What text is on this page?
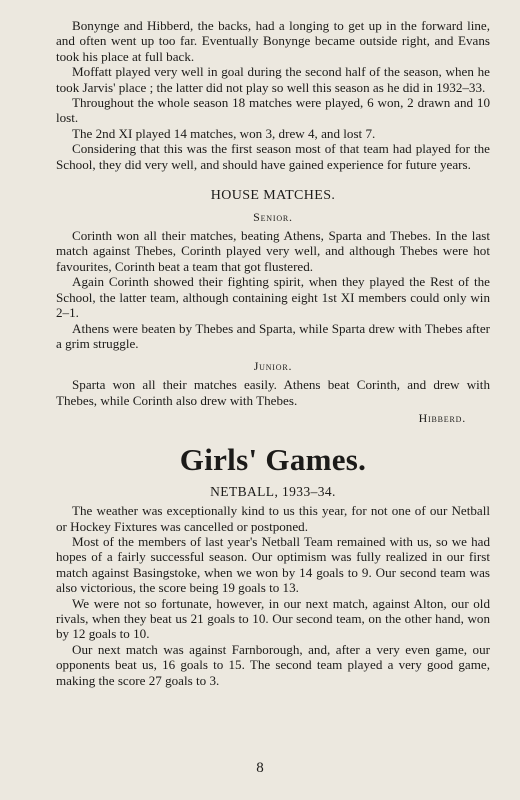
Bonynge and Hibberd, the backs, had a longing to get up in the forward line, and often went up too far. Eventually Bonynge became outside right, and Evans took his place at full back.

Moffatt played very well in goal during the second half of the season, when he took Jarvis' place ; the latter did not play so well this season as he did in 1932–33.

Throughout the whole season 18 matches were played, 6 won, 2 drawn and 10 lost.

The 2nd XI played 14 matches, won 3, drew 4, and lost 7.

Considering that this was the first season most of that team had played for the School, they did very well, and should have gained experience for future years.

HOUSE MATCHES.
Senior.

Corinth won all their matches, beating Athens, Sparta and Thebes. In the last match against Thebes, Corinth played very well, and although Thebes were hot favourites, Corinth beat a team that got flustered.

Again Corinth showed their fighting spirit, when they played the Rest of the School, the latter team, although containing eight 1st XI members could only win 2–1.

Athens were beaten by Thebes and Sparta, while Sparta drew with Thebes after a grim struggle.

Junior.

Sparta won all their matches easily. Athens beat Corinth, and drew with Thebes, while Corinth also drew with Thebes.

Hibberd.
Girls' Games.
NETBALL, 1933–34.

The weather was exceptionally kind to us this year, for not one of our Netball or Hockey Fixtures was cancelled or postponed.

Most of the members of last year's Netball Team remained with us, so we had hopes of a fairly successful season. Our optimism was fully realized in our first match against Basingstoke, when we won by 14 goals to 9. Our second team was also victorious, the score being 19 goals to 13.

We were not so fortunate, however, in our next match, against Alton, our old rivals, when they beat us 21 goals to 10. Our second team, on the other hand, won by 12 goals to 10.

Our next match was against Farnborough, and, after a very even game, our opponents beat us, 16 goals to 15. The second team played a very good game, making the score 27 goals to 3.

8
